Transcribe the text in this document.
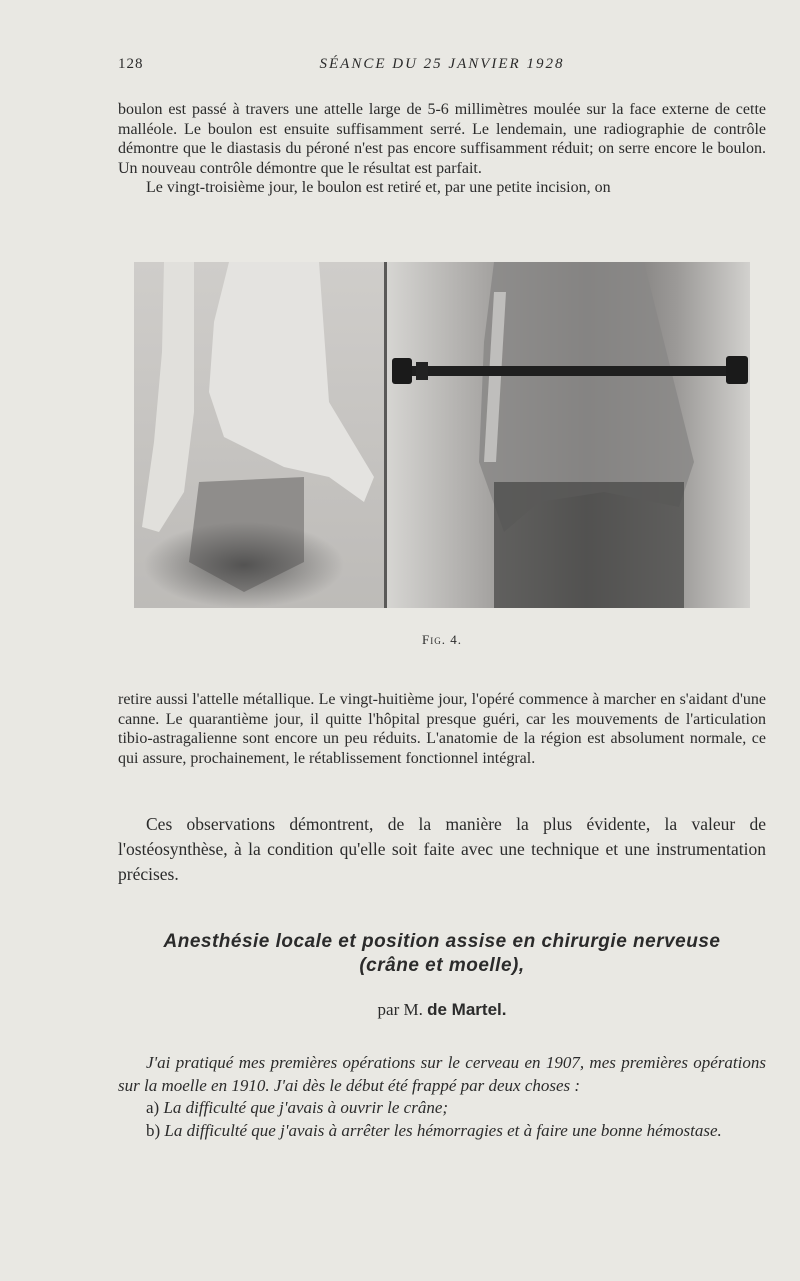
128	SÉANCE DU 25 JANVIER 1928

boulon est passé à travers une attelle large de 5-6 millimètres moulée sur la face externe de cette malléole. Le boulon est ensuite suffisamment serré. Le lendemain, une radiographie de contrôle démontre que le diastasis du péroné n'est pas encore suffisamment réduit; on serre encore le boulon. Un nouveau contrôle démontre que le résultat est parfait.

Le vingt-troisième jour, le boulon est retiré et, par une petite incision, on

Fig. 4.

retire aussi l'attelle métallique. Le vingt-huitième jour, l'opéré commence à marcher en s'aidant d'une canne. Le quarantième jour, il quitte l'hôpital presque guéri, car les mouvements de l'articulation tibio-astragalienne sont encore un peu réduits. L'anatomie de la région est absolument normale, ce qui assure, prochainement, le rétablissement fonctionnel intégral.

Ces observations démontrent, de la manière la plus évidente, la valeur de l'ostéosynthèse, à la condition qu'elle soit faite avec une technique et une instrumentation précises.

Anesthésie locale et position assise en chirurgie nerveuse
(crâne et moelle),
par M. de Martel.

J'ai pratiqué mes premières opérations sur le cerveau en 1907, mes premières opérations sur la moelle en 1910. J'ai dès le début été frappé par deux choses :

a) La difficulté que j'avais à ouvrir le crâne;

b) La difficulté que j'avais à arrêter les hémorragies et à faire une bonne hémostase.
